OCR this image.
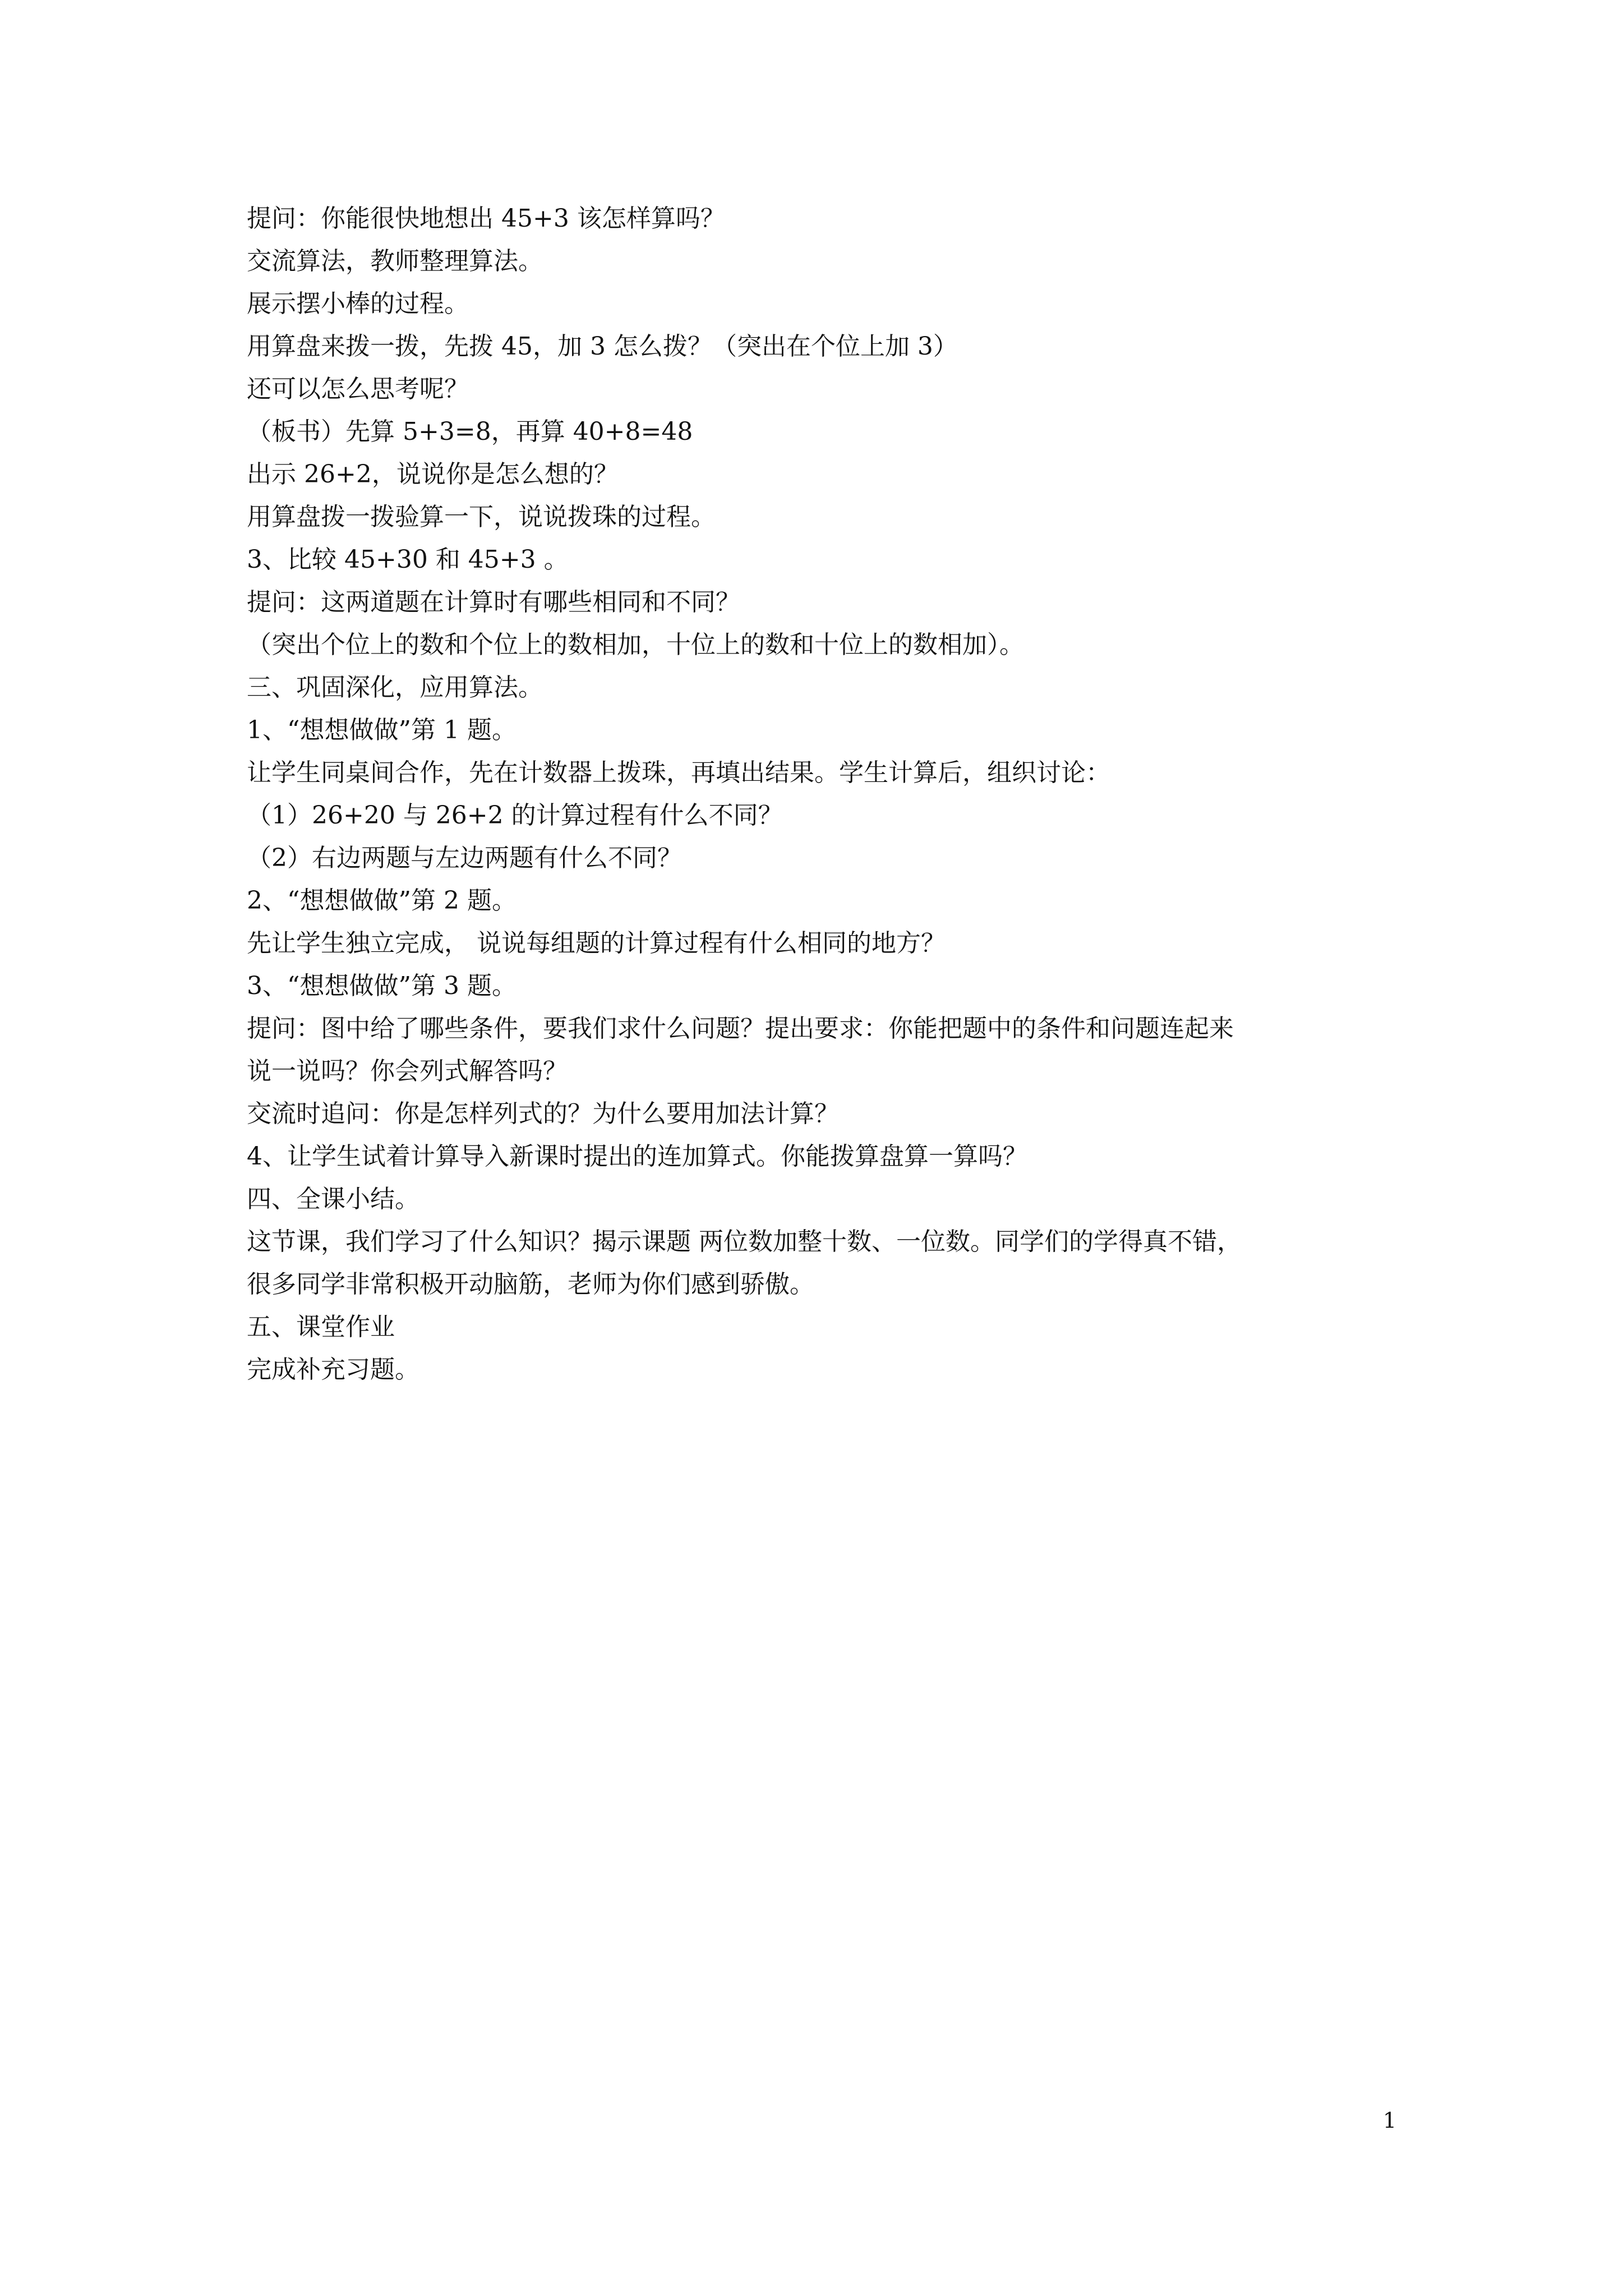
提问：你能很快地想出 45+3 该怎样算吗？

交流算法，教师整理算法。

展示摆小棒的过程。

用算盘来拨一拨，先拨 45，加 3 怎么拨？（突出在个位上加 3）

还可以怎么思考呢？

（板书）先算 5+3=8，再算 40+8=48

出示 26+2，说说你是怎么想的？

用算盘拨一拨验算一下，说说拨珠的过程。

3、比较 45+30 和 45+3 。

提问：这两道题在计算时有哪些相同和不同？

（突出个位上的数和个位上的数相加，十位上的数和十位上的数相加）。

三、巩固深化，应用算法。

1、“想想做做”第 1 题。

让学生同桌间合作，先在计数器上拨珠，再填出结果。学生计算后，组织讨论：

（1）26+20 与 26+2 的计算过程有什么不同？

（2）右边两题与左边两题有什么不同？

2、“想想做做”第 2 题。

先让学生独立完成， 说说每组题的计算过程有什么相同的地方？

3、“想想做做”第 3 题。

提问：图中给了哪些条件，要我们求什么问题？提出要求：你能把题中的条件和问题连起来

说一说吗？你会列式解答吗？

交流时追问：你是怎样列式的？为什么要用加法计算？

4、让学生试着计算导入新课时提出的连加算式。你能拨算盘算一算吗？

四、全课小结。

这节课，我们学习了什么知识？揭示课题 两位数加整十数、一位数。同学们的学得真不错，

很多同学非常积极开动脑筋，老师为你们感到骄傲。

五、课堂作业

完成补充习题。

1
